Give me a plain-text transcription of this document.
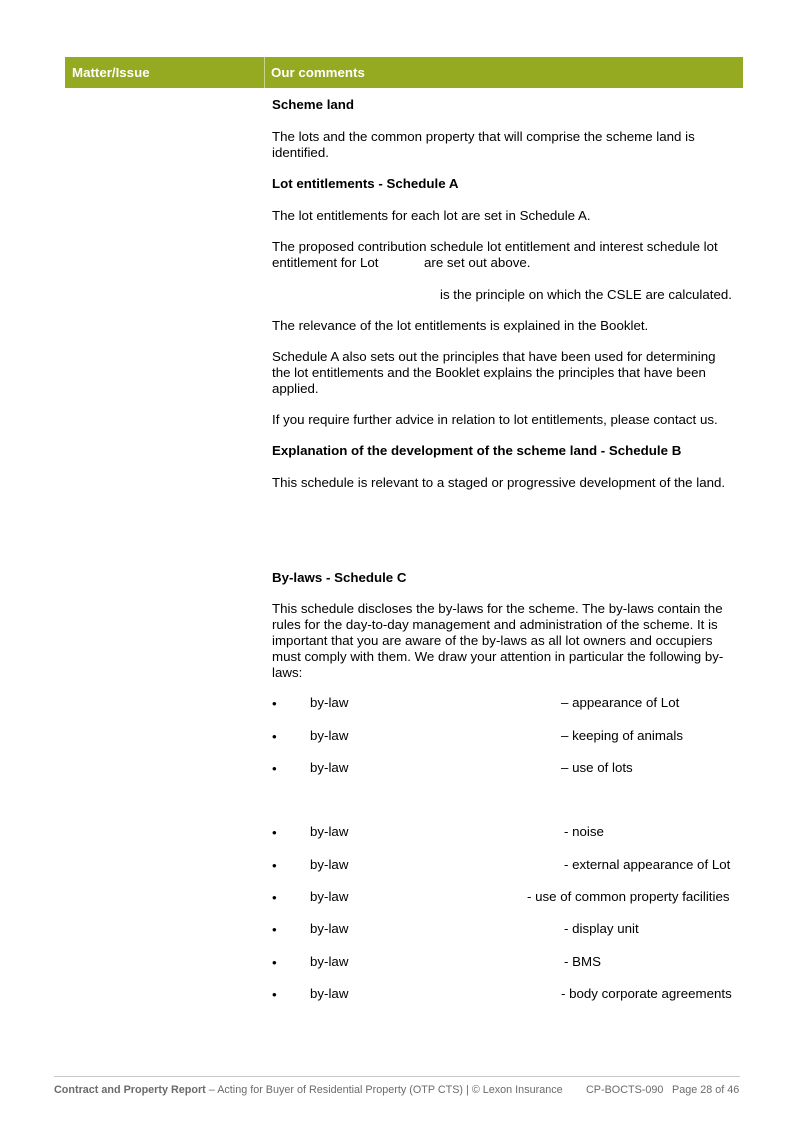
Matter/Issue	Our comments
Scheme land
The lots and the common property that will comprise the scheme land is
identified.
Lot entitlements - Schedule A
The lot entitlements for each lot are set in Schedule A.
The proposed contribution schedule lot entitlement and interest schedule lot
entitlement for Lot	are set out above.
is the principle on which the CSLE are calculated.
The relevance of the lot entitlements is explained in the Booklet.
Schedule A also sets out the principles that have been used for determining
the lot entitlements and the Booklet explains the principles that have been
applied.
If you require further advice in relation to lot entitlements, please contact us.
Explanation of the development of the scheme land - Schedule B
This schedule is relevant to a staged or progressive development of the land.
By-laws - Schedule C
This schedule discloses the by-laws for the scheme. The by-laws contain the
rules for the day-to-day management and administration of the scheme. It is
important that you are aware of the by-laws as all lot owners and occupiers
must comply with them. We draw your attention in particular the following by-
laws:
•	by-law	– appearance of Lot
•	by-law	– keeping of animals
•	by-law	– use of lots
•	by-law	- noise
•	by-law	- external appearance of Lot
•	by-law	- use of common property facilities
•	by-law	- display unit
•	by-law	- BMS
•	by-law	- body corporate agreements
Contract and Property Report – Acting for Buyer of Residential Property (OTP CTS) | © Lexon Insurance CP-BOCTS-090 Page 28 of 46
